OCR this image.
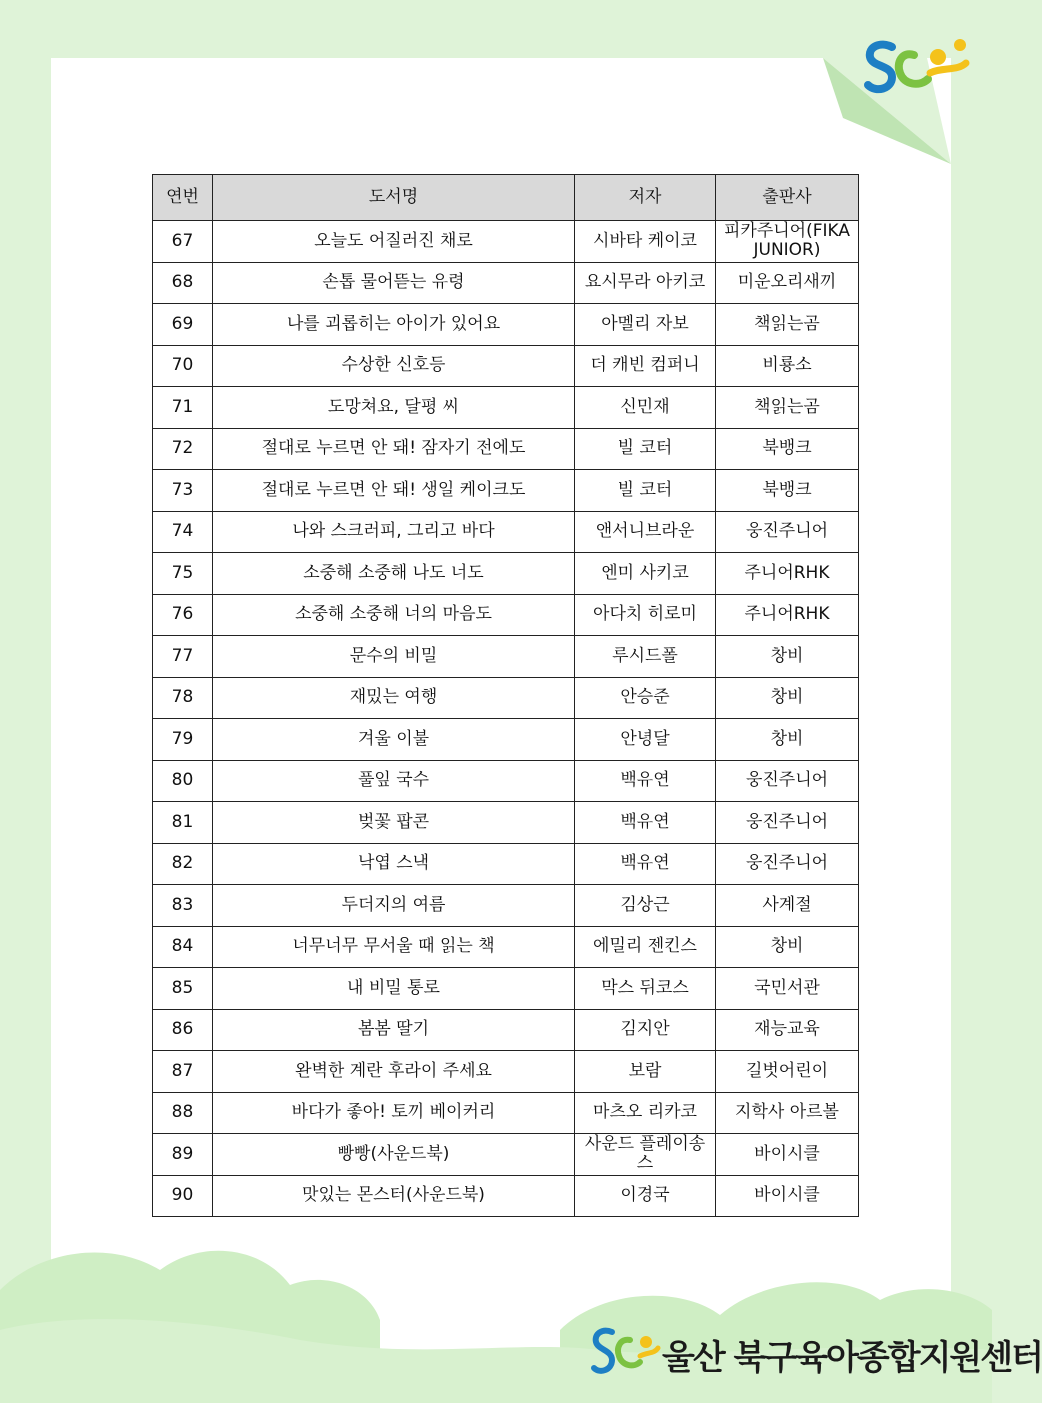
연번	도서명	저자	출판사
67	오늘도 어질러진 채로	시바타 케이코	피카주니어(FIKA JUNIOR)
68	손톱 물어뜯는 유령	요시무라 아키코	미운오리새끼
69	나를 괴롭히는 아이가 있어요	아멜리 자보	책읽는곰
70	수상한 신호등	더 캐빈 컴퍼니	비룡소
71	도망쳐요, 달평 씨	신민재	책읽는곰
72	절대로 누르면 안 돼! 잠자기 전에도	빌 코터	북뱅크
73	절대로 누르면 안 돼! 생일 케이크도	빌 코터	북뱅크
74	나와 스크러피, 그리고 바다	앤서니브라운	웅진주니어
75	소중해 소중해 나도 너도	엔미 사키코	주니어RHK
76	소중해 소중해 너의 마음도	아다치 히로미	주니어RHK
77	문수의 비밀	루시드폴	창비
78	재밌는 여행	안승준	창비
79	겨울 이불	안녕달	창비
80	풀잎 국수	백유연	웅진주니어
81	벚꽃 팝콘	백유연	웅진주니어
82	낙엽 스낵	백유연	웅진주니어
83	두더지의 여름	김상근	사계절
84	너무너무 무서울 때 읽는 책	에밀리 젠킨스	창비
85	내 비밀 통로	막스 뒤코스	국민서관
86	봄봄 딸기	김지안	재능교육
87	완벽한 계란 후라이 주세요	보람	길벗어린이
88	바다가 좋아! 토끼 베이커리	마츠오 리카코	지학사 아르볼
89	빵빵(사운드북)	사운드 플레이송스	바이시클
90	맛있는 몬스터(사운드북)	이경국	바이시클
울산 북구육아종합지원센터
